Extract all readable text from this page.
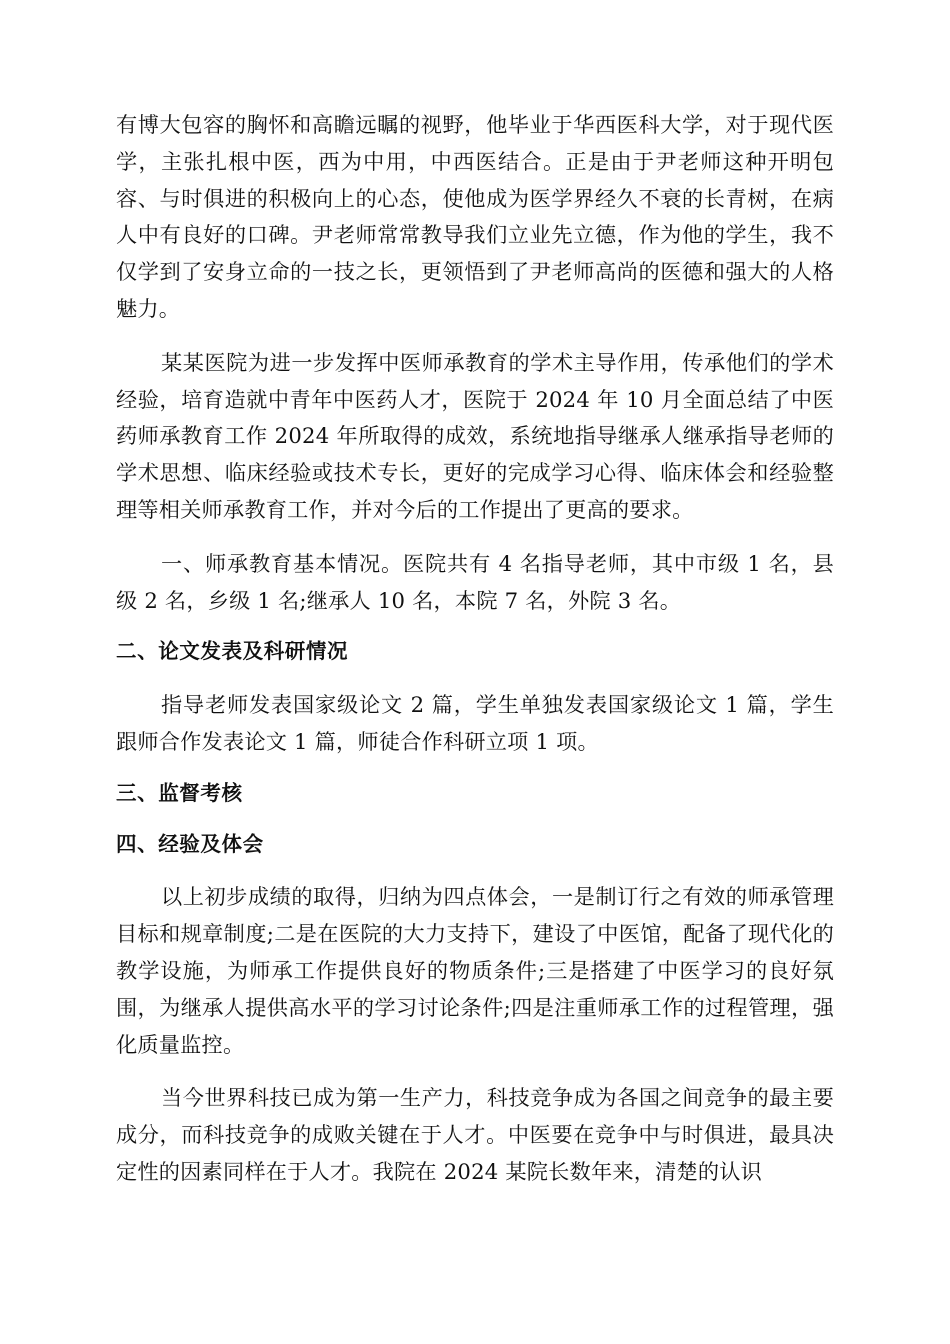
有博大包容的胸怀和高瞻远瞩的视野，他毕业于华西医科大学，对于现代医学，主张扎根中医，西为中用，中西医结合。正是由于尹老师这种开明包容、与时俱进的积极向上的心态，使他成为医学界经久不衰的长青树，在病人中有良好的口碑。尹老师常常教导我们立业先立德，作为他的学生，我不仅学到了安身立命的一技之长，更领悟到了尹老师高尚的医德和强大的人格魅力。

某某医院为进一步发挥中医师承教育的学术主导作用，传承他们的学术经验，培育造就中青年中医药人才，医院于 2024 年 10 月全面总结了中医药师承教育工作 2024 年所取得的成效，系统地指导继承人继承指导老师的学术思想、临床经验或技术专长，更好的完成学习心得、临床体会和经验整理等相关师承教育工作，并对今后的工作提出了更高的要求。

一、师承教育基本情况。医院共有 4 名指导老师，其中市级 1 名，县级 2 名，乡级 1 名;继承人 10 名，本院 7 名，外院 3 名。

二、论文发表及科研情况

指导老师发表国家级论文 2 篇，学生单独发表国家级论文 1 篇，学生跟师合作发表论文 1 篇，师徒合作科研立项 1 项。

三、监督考核
四、经验及体会

以上初步成绩的取得，归纳为四点体会，一是制订行之有效的师承管理目标和规章制度;二是在医院的大力支持下，建设了中医馆，配备了现代化的教学设施，为师承工作提供良好的物质条件;三是搭建了中医学习的良好氛围，为继承人提供高水平的学习讨论条件;四是注重师承工作的过程管理，强化质量监控。

当今世界科技已成为第一生产力，科技竞争成为各国之间竞争的最主要成分，而科技竞争的成败关键在于人才。中医要在竞争中与时俱进，最具决定性的因素同样在于人才。我院在 2024 某院长数年来，清楚的认识
